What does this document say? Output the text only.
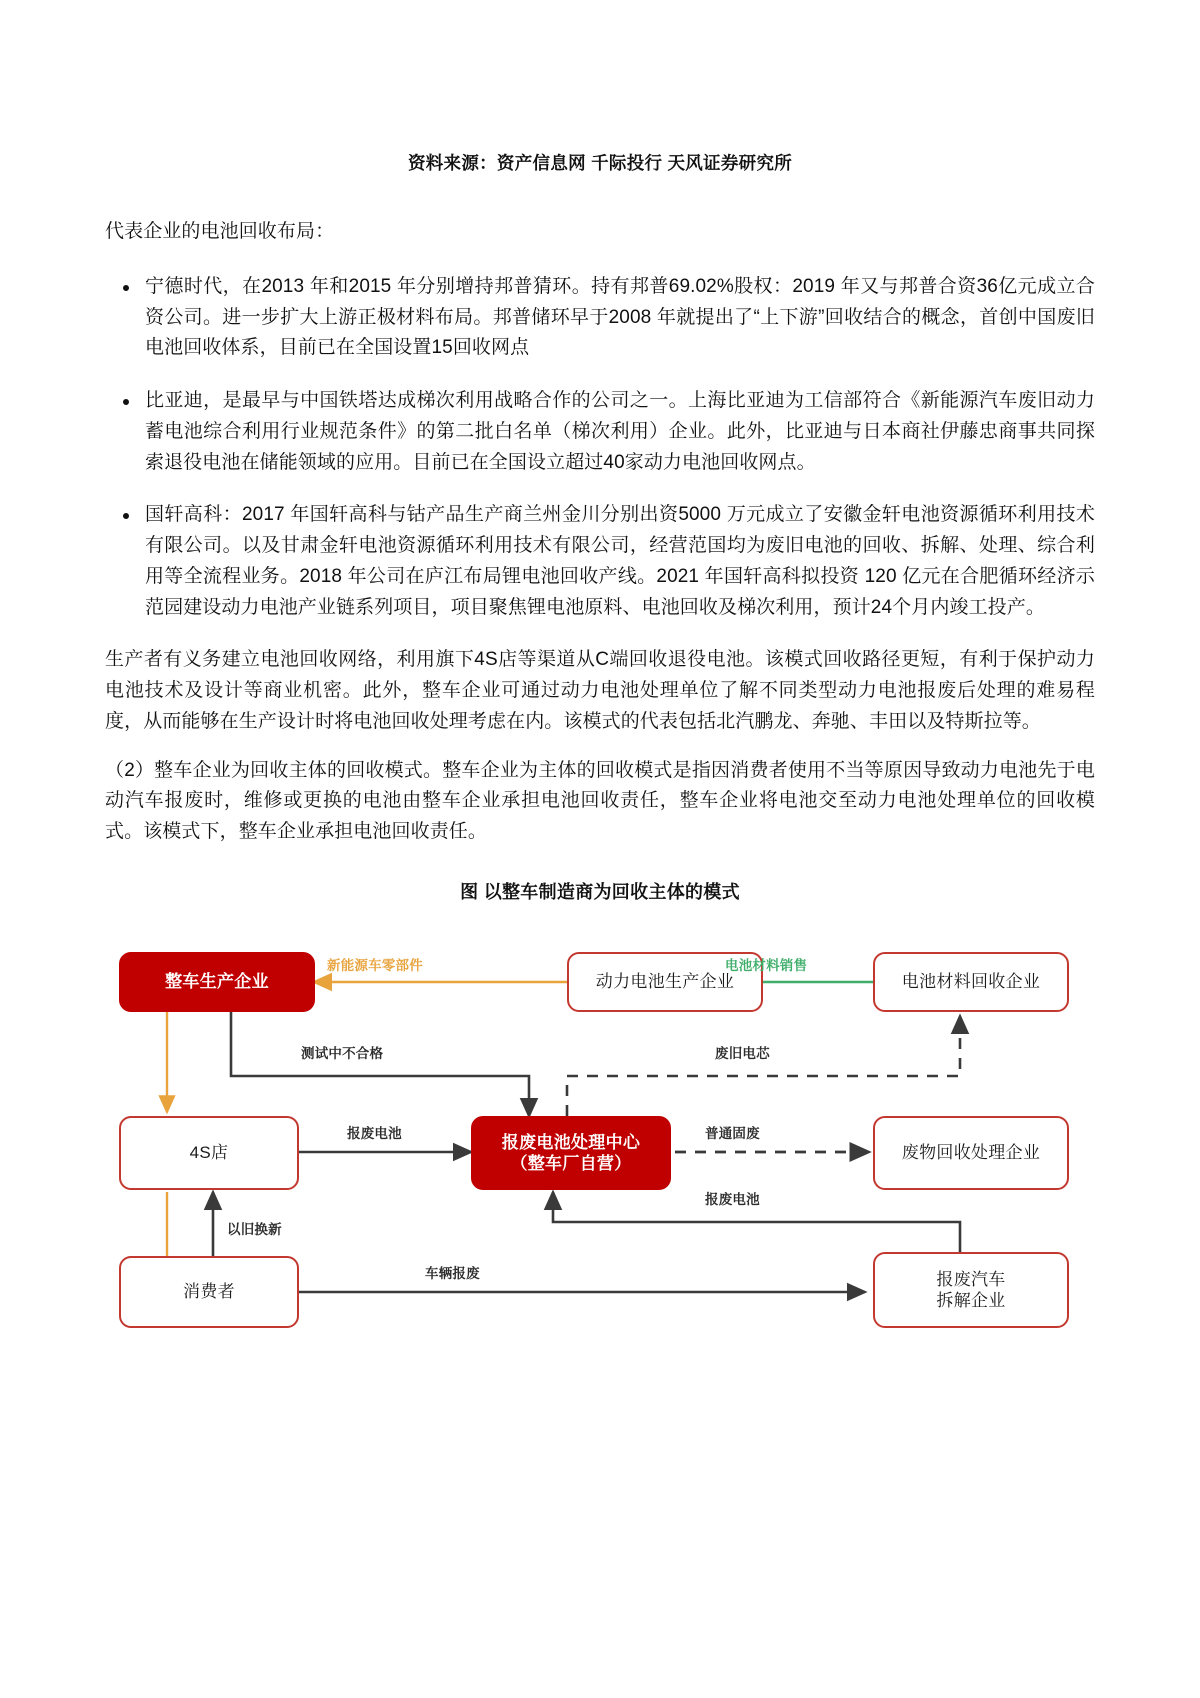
资料来源：资产信息网 千际投行 天风证券研究所

代表企业的电池回收布局：

宁德时代，在2013 年和2015 年分别增持邦普猜环。持有邦普69.02%股权：2019 年又与邦普合资36亿元成立合资公司。进一步扩大上游正极材料布局。邦普储环早于2008 年就提出了“上下游”回收结合的概念，首创中国废旧电池回收体系，目前已在全国设置15回收网点
比亚迪，是最早与中国铁塔达成梯次利用战略合作的公司之一。上海比亚迪为工信部符合《新能源汽车废旧动力蓄电池综合利用行业规范条件》的第二批白名单（梯次利用）企业。此外，比亚迪与日本商社伊藤忠商事共同探索退役电池在储能领域的应用。目前已在全国设立超过40家动力电池回收网点。
国轩高科：2017 年国轩高科与钴产品生产商兰州金川分别出资5000 万元成立了安徽金轩电池资源循环利用技术有限公司。以及甘肃金轩电池资源循环利用技术有限公司，经营范国均为废旧电池的回收、拆解、处理、综合利用等全流程业务。2018 年公司在庐江布局锂电池回收产线。2021 年国轩高科拟投资 120 亿元在合肥循环经济示范园建设动力电池产业链系列项目，项目聚焦锂电池原料、电池回收及梯次利用，预计24个月内竣工投产。

生产者有义务建立电池回收网络，利用旗下4S店等渠道从C端回收退役电池。该模式回收路径更短，有利于保护动力电池技术及设计等商业机密。此外，整车企业可通过动力电池处理单位了解不同类型动力电池报废后处理的难易程度，从而能够在生产设计时将电池回收处理考虑在内。该模式的代表包括北汽鹏龙、奔驰、丰田以及特斯拉等。

（2）整车企业为回收主体的回收模式。整车企业为主体的回收模式是指因消费者使用不当等原因导致动力电池先于电动汽车报废时，维修或更换的电池由整车企业承担电池回收责任，整车企业将电池交至动力电池处理单位的回收模式。该模式下，整车企业承担电池回收责任。

图 以整车制造商为回收主体的模式
整车生产企业	动力电池生产企业	电池材料回收企业
4S店
报废电池处理中心
（整车厂自营）
废物回收处理企业
消费者
报废汽车
拆解企业
新能源车零部件	电池材料销售
测试中不合格	废旧电芯
报废电池	普通固废
报废电池
以旧换新
车辆报废
